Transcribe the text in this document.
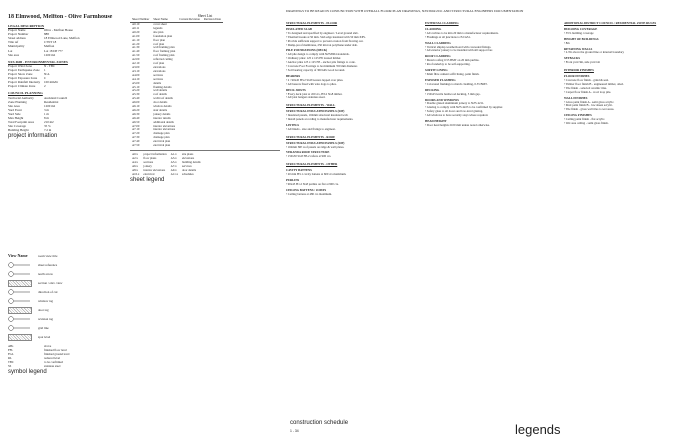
18 Elmwood, Melfton - Olive Farmhouse
LEGAL DESCRIPTION
Project Name	Olive - Melfton House
Project Number	888
Street address	18 Elmwood Lane, Melfton
Title ref	CTNT 18
Municipality	Melfton
Lot	Lot 18 DP 777
Site area	1200 m2
NZS 4600 - ENVIRONMENTAL ZONES
Project Wind Zone	N - TBC
Project Earthquake Zone	1
Project Snow Zone	N/A
Project Exposure Zone	C
Project Rainfall Intensity	100 mm/hr
Project Climate Zone	2
COUNCIL PLANNING
Territorial Authority	Auckland Council
Zone Planning	Residential
Site Area	1200 m2
Yard Front	3 m
Yard Side	1 m
Max Height	8 m
Total Footprint Area	210 m2
Site Coverage	35 %
Building Height	7.2 m
project information
View Name	room view title
sheet reference
north arrow
section / elev. view
direction of cut
window tag
door tag
revision tag
grid line
spot level
ABs	above
FFL	finished floor level
FGL	finished ground level
RL	reduced level
TBC	to be confirmed
SS	stainless steel
symbol legend
Sheet List
Sheet Number	Sheet Name	Current Revision	Revision Date
A0.10	cover sheet		
A0.11	legends		
A0.20	site plan		
A1.00	foundation plan		
A1.10	floor plan		
A1.20	roof plan		
A1.30	wall framing plan		
A1.40	floor framing plan		
A1.50	roof framing plan		
A2.00	reflected ceiling		
A2.10	roof plan		
A3.00	elevations		
A3.10	elevations		
A4.00	sections		
A4.10	sections		
A5.00	details		
A5.10	flashing details		
A5.20	wall details		
A5.30	roof details		
A5.40	wall/roof details		
A6.00	door details		
A6.10	window details		
A6.20	stair details		
A6.30	joinery details		
A6.40	interior details		
A6.50	additional details		
A7.00	interior elevations		
A7.10	interior elevations		
A7.20	drainage plan		
A7.30	drainage plan		
A7.40	electrical plan		
A7.50	electrical plan		
A0.x	project information	A1.x	site plans
A2.x	floor plans	A3.x	elevations
A4.x	sections	A5.x	building details
A6.x	joinery	A7.x	services
A8.x	interior elevations	A9.x	door details
A10.x	electrical	A11.x	schedules
sheet legend
DRAWINGS TO BE READ IN CONJUNCTION WITH OVERALL FLOOR PLAN DRAWINGS, NZS3604:2011 AND STRUCTURAL ENGINEERS DOCUMENTATION
STRUCTURAL ELEMENTS - FLOOR
INSULATED SLAB
• To designed and specified by engineer / Level ground slab.
• Thermal breaks at 50 mm. Slab edge insulated with 50 mm XPS.
• Provide sufficient support to prevent erosion from flowing out.
• Damp-proof membrane, 250 micron polythene under slab.
PILE FOUNDATIONS (DECK)
• All pile design to comply with NZS3604 standards.
• Ordinary piles: 125 x 125 H5 treated timber.
• Anchor piles 125 x 125 H5 - anchor pile fixings to code.
• Concrete Foot Footings to be minimum 350 mm diameter.
• Soil bearing capacity of 300 kPa Good Ground.
BEARERS
• 2 / 90x45 H3.2 SG8 bearers lapped over piles.
• All bearers fixed with wire dogs to piles.
DECK JOISTS
• Every deck joist at 450 crs, H3.2 SG8 timber.
• All joist hangers stainless steel.
STRUCTURAL ELEMENTS - WALL
STRUCTURAL INSULATED PANELS (SIP)
• Insulated panels, 162mm structural insulated wall.
• Install panels according to manufacturer requirements.
LINTELS
• All lintels - size and fixings to engineer.
STRUCTURAL ELEMENTS - ROOF
STRUCTURAL INSULATED PANELS (SIP)
• 162mm SIP roof panels on ridge & wall plates.
VERANDA ROOF STRUCTURE
• 150x50 SG8 H3.2 rafters at 900 crs.
STRUCTURAL ELEMENTS - OTHER
CAVITY BATTENS
• 20 mm H3.1 cavity battens at 600 crs maximum.
PURLINS
• 90x45 H1.2 SG8 purlins on flat at 900 crs.
CEILING BATTENS / JOISTS
• Ceiling battens at 480 crs maximum.
EXTERNAL CLADDING
CLADDING
• All cavities to be min 20 mm to manufacturer requirements.
• Flashings at all junctions to E2/AS1.
WALL CLADDING
• Vertical shiplap weatherboard with concealed fixings.
• All exterior joinery to be installed with sill support bar.
ROOF CLADDING
• Metal roofing 0.55 BMT on 20 mm purlins.
• Roof underlay to be self-supporting.
SOFFIT LINING
• 6mm fibre cement soffit lining, paint finish.
EXPOSED FLASHING
• Colorsteel flashings to match cladding, 0.55 BMT.
DECKING
• 150x25 kwila hardwood decking, 5 mm gap.
DOORS AND WINDOWS
• Double glazed aluminium joinery to NZS 4211.
• Glazing to comply with NZS 4223 to be confirmed by supplier.
• Safety glass to all doors and low-level glazing.
• All windows to have security stays where required.
HEAD HEIGHT
• Door head heights 2100 mm unless noted otherwise.
ADDITIONAL DISTRICT COUNCIL / RESIDENTIAL ZONE RULES
BUILDING COVERAGE
• 35% building coverage
HEIGHT OF BUILDINGS
• 8m
RETAINING WALLS
• 2.7m above the ground line or internal boundary
SETBACKS
• Front yard 3m, side yard 1m
INTERIOR FINISHES
FLOOR FINISHES
• Concrete floor finish - grind & seal.
• Timber floor finish B - engineered timber, oiled.
• Tile finish - selected ceramic tiles.
• Carpet floor finish A - wool loop pile.
WALL FINISHES
• Gloss paint finish A - semi gloss acrylic.
• Matt paint finish B - low sheen acrylic.
• Tile finish - gloss wall tiles to wet areas.
CEILING FINISHES
• Ceiling paint finish - flat acrylic.
• Wet area ceiling - semi gloss finish.
construction schedule
1 - 34	legends
